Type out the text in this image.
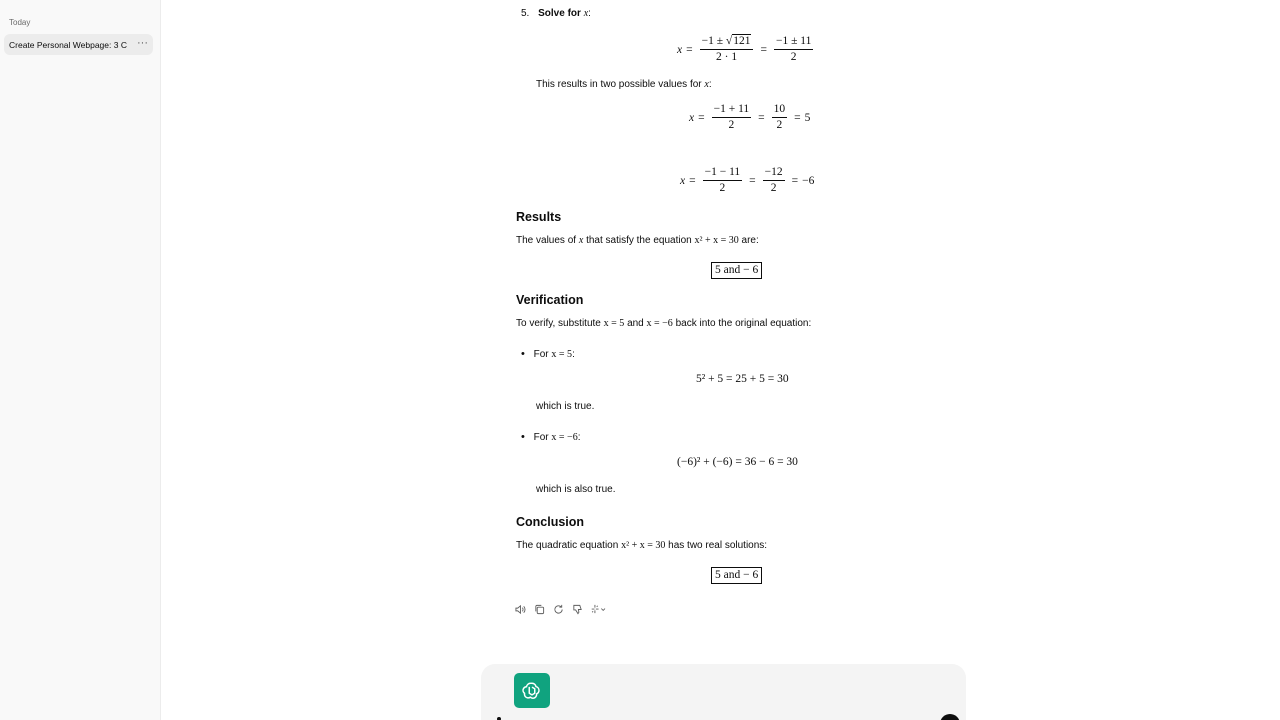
Today
Create Personal Webpage: 3 C ···
5. Solve for x:
$x = \frac{-1 \pm √121}{2 \cdot 1} = \frac{-1 \pm 11}{2}$
This results in two possible values for x:
$x = \frac{-1 + 11}{2} = \frac{10}{2} = 5$
$x = \frac{-1 - 11}{2} = \frac{-12}{2} = -6$
Results
The values of x that satisfy the equation x² + x = 30 are:
5 and − 6
Verification
To verify, substitute x = 5 and x = −6 back into the original equation:
• For x = 5:
5² + 5 = 25 + 5 = 30
which is true.
• For x = −6:
(−6)² + (−6) = 36 − 6 = 30
which is also true.
Conclusion
The quadratic equation x² + x = 30 has two real solutions:
5 and − 6
